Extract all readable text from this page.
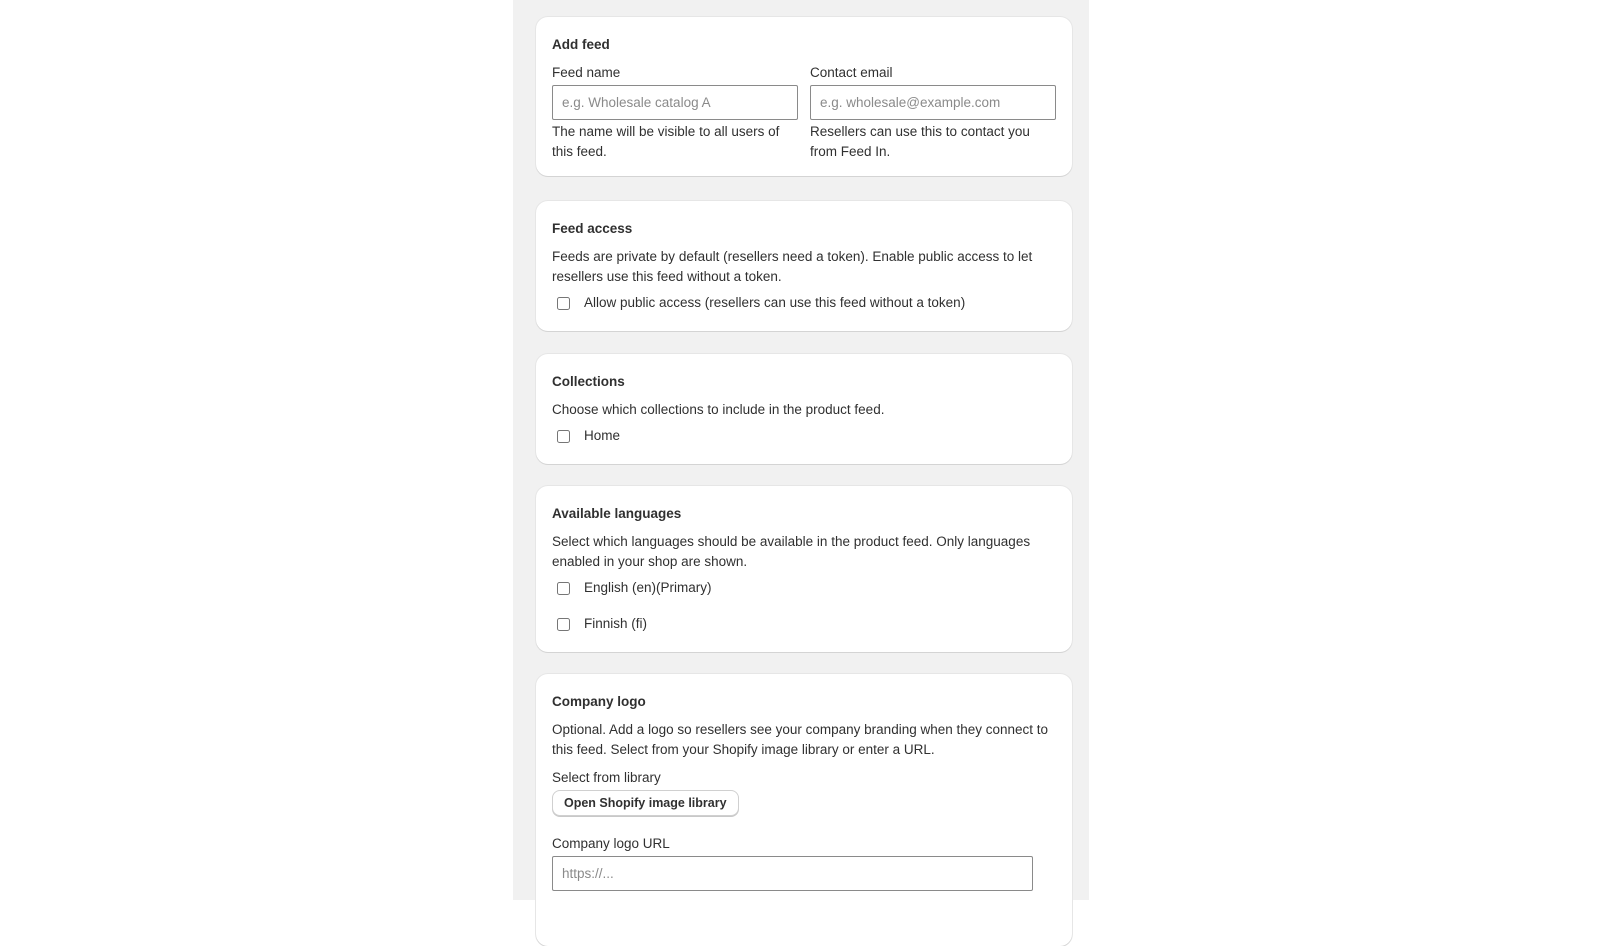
Add feed
Feed name
e.g. Wholesale catalog A
The name will be visible to all users of this feed.
Contact email
e.g. wholesale@example.com
Resellers can use this to contact you from Feed In.
Feed access
Feeds are private by default (resellers need a token). Enable public access to let resellers use this feed without a token.
Allow public access (resellers can use this feed without a token)
Collections
Choose which collections to include in the product feed.
Home
Available languages
Select which languages should be available in the product feed. Only languages enabled in your shop are shown.
English (en)(Primary)
Finnish (fi)
Company logo
Optional. Add a logo so resellers see your company branding when they connect to this feed. Select from your Shopify image library or enter a URL.
Select from library
Open Shopify image library
Company logo URL
https://...
